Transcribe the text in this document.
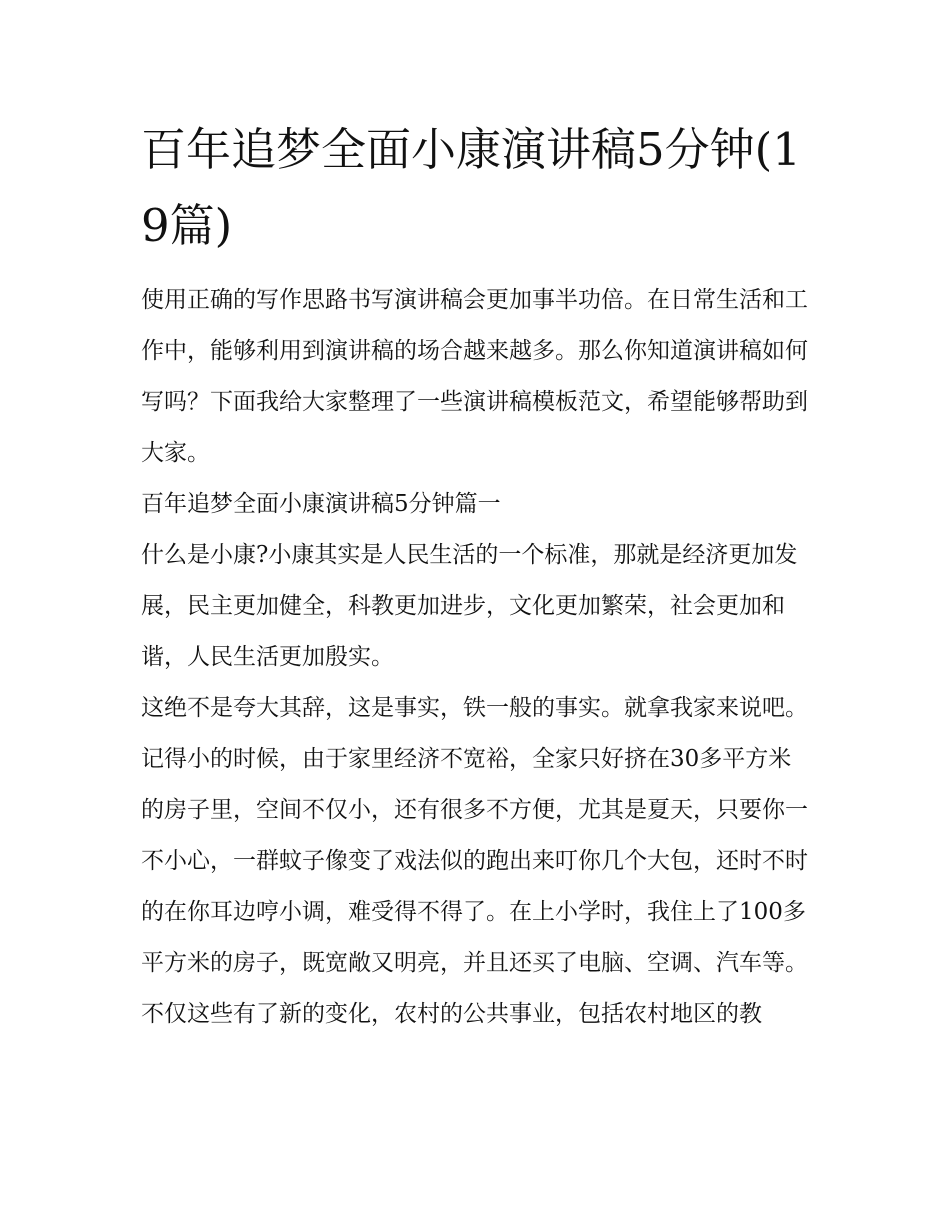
百年追梦全面小康演讲稿5分钟(19篇)

使用正确的写作思路书写演讲稿会更加事半功倍。在日常生活和工作中，能够利用到演讲稿的场合越来越多。那么你知道演讲稿如何写吗？下面我给大家整理了一些演讲稿模板范文，希望能够帮助到大家。

百年追梦全面小康演讲稿5分钟篇一

什么是小康?小康其实是人民生活的一个标准，那就是经济更加发展，民主更加健全，科教更加进步，文化更加繁荣，社会更加和谐，人民生活更加殷实。

这绝不是夸大其辞，这是事实，铁一般的事实。就拿我家来说吧。记得小的时候，由于家里经济不宽裕，全家只好挤在30多平方米的房子里，空间不仅小，还有很多不方便，尤其是夏天，只要你一不小心，一群蚊子像变了戏法似的跑出来叮你几个大包，还时不时的在你耳边哼小调，难受得不得了。在上小学时，我住上了100多平方米的房子，既宽敞又明亮，并且还买了电脑、空调、汽车等。

不仅这些有了新的变化，农村的公共事业，包括农村地区的教
